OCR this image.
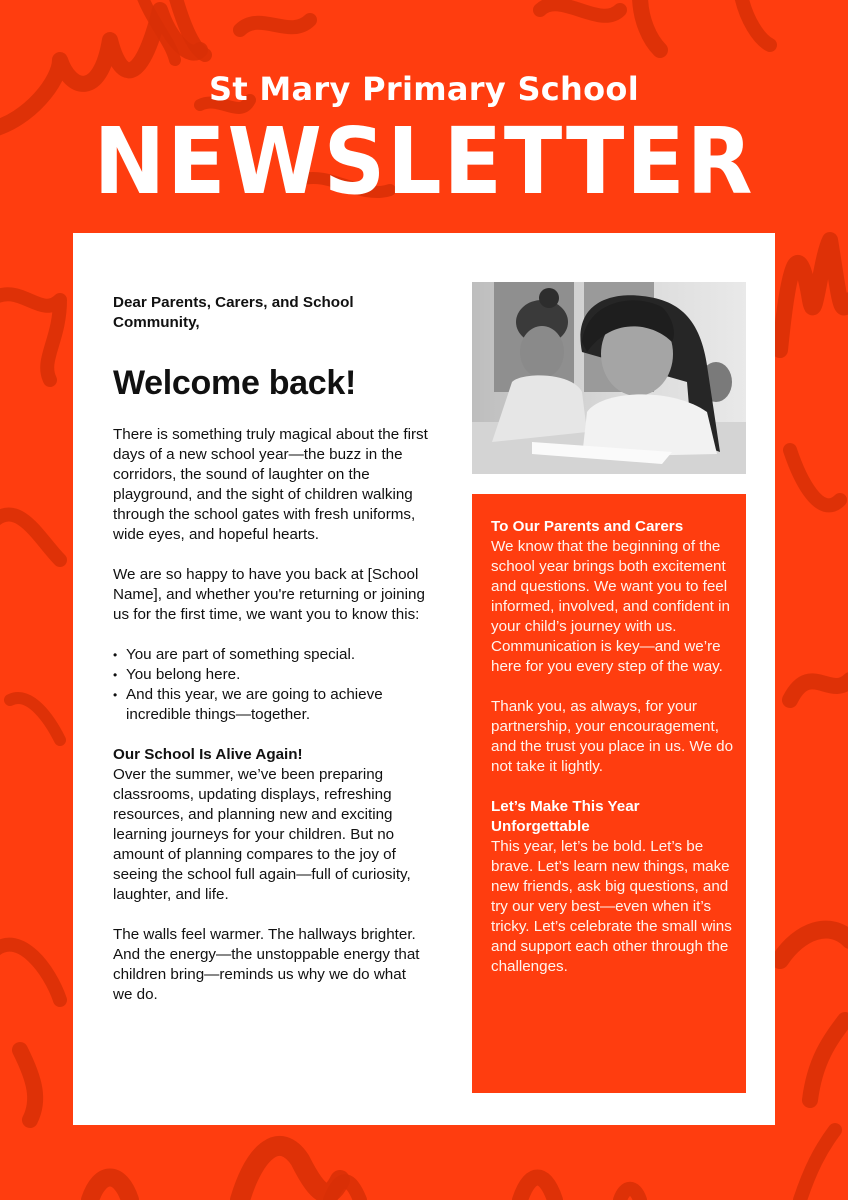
St Mary Primary School
NEWSLETTER

Dear Parents, Carers, and School Community,

Welcome back!

There is something truly magical about the first days of a new school year—the buzz in the corridors, the sound of laughter on the playground, and the sight of children walking through the school gates with fresh uniforms, wide eyes, and hopeful hearts.

We are so happy to have you back at [School Name], and whether you're returning or joining us for the first time, we want you to know this:

• You are part of something special.
• You belong here.
• And this year, we are going to achieve incredible things—together.

Our School Is Alive Again!
Over the summer, we’ve been preparing classrooms, updating displays, refreshing resources, and planning new and exciting learning journeys for your children. But no amount of planning compares to the joy of seeing the school full again—full of curiosity, laughter, and life.

The walls feel warmer. The hallways brighter. And the energy—the unstoppable energy that children bring—reminds us why we do what we do.

To Our Parents and Carers
We know that the beginning of the school year brings both excitement and questions. We want you to feel informed, involved, and confident in your child’s journey with us. Communication is key—and we’re here for you every step of the way.

Thank you, as always, for your partnership, your encouragement, and the trust you place in us. We do not take it lightly.

Let’s Make This Year Unforgettable
This year, let’s be bold. Let’s be brave. Let’s learn new things, make new friends, ask big questions, and try our very best—even when it’s tricky. Let’s celebrate the small wins and support each other through the challenges.
